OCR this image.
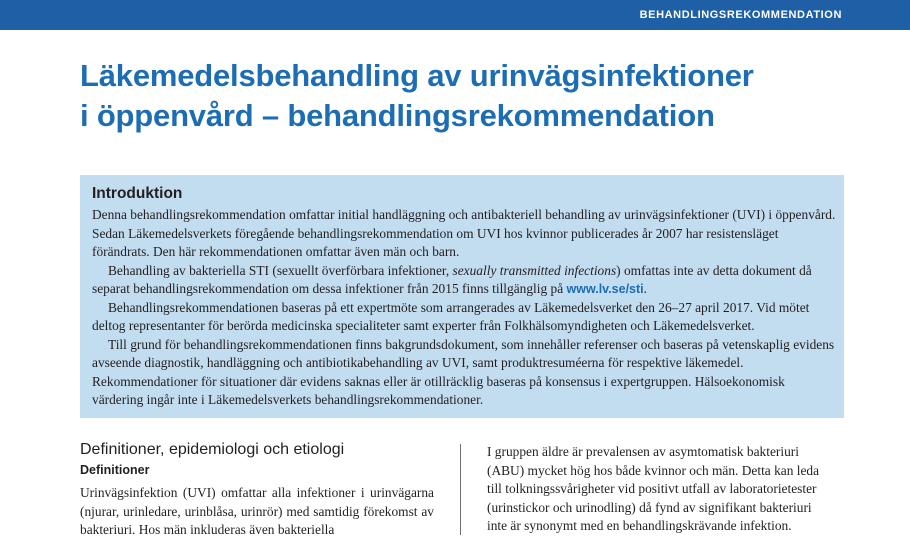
BEHANDLINGSREKOMMENDATION
Läkemedelsbehandling av urinvägsinfektioner
i öppenvård – behandlingsrekommendation
Introduktion

Denna behandlingsrekommendation omfattar initial handläggning och antibakteriell behandling av urinvägsinfektioner (UVI) i öppenvård. Sedan Läkemedelsverkets föregående behandlingsrekommendation om UVI hos kvinnor publicerades år 2007 har resistensläget förändrats. Den här rekommendationen omfattar även män och barn.

Behandling av bakteriella STI (sexuellt överförbara infektioner, sexually transmitted infections) omfattas inte av detta dokument då separat behandlingsrekommendation om dessa infektioner från 2015 finns tillgänglig på www.lv.se/sti.

Behandlingsrekommendationen baseras på ett expertmöte som arrangerades av Läkemedelsverket den 26–27 april 2017. Vid mötet deltog representanter för berörda medicinska specialiteter samt experter från Folkhälsomyndigheten och Läkemedelsverket.

Till grund för behandlingsrekommendationen finns bakgrundsdokument, som innehåller referenser och baseras på vetenskaplig evidens avseende diagnostik, handläggning och antibiotikabehandling av UVI, samt produktresuméerna för respektive läkemedel. Rekommendationer för situationer där evidens saknas eller är otillräcklig baseras på konsensus i expertgruppen. Hälsoekonomisk värdering ingår inte i Läkemedelsverkets behandlingsrekommendationer.

Definitioner, epidemiologi och etiologi
Definitioner
Urinvägsinfektion (UVI) omfattar alla infektioner i urinvägarna (njurar, urinledare, urinblåsa, urinrör) med samtidig förekomst av bakteriuri. Hos män inkluderas även bakteriella
I gruppen äldre är prevalensen av asymtomatisk bakteriuri
(ABU) mycket hög hos både kvinnor och män. Detta kan leda
till tolkningssvårigheter vid positivt utfall av laboratorietester
(urinstickor och urinodling) då fynd av signifikant bakteriuri
inte är synonymt med en behandlingskrävande infektion.
